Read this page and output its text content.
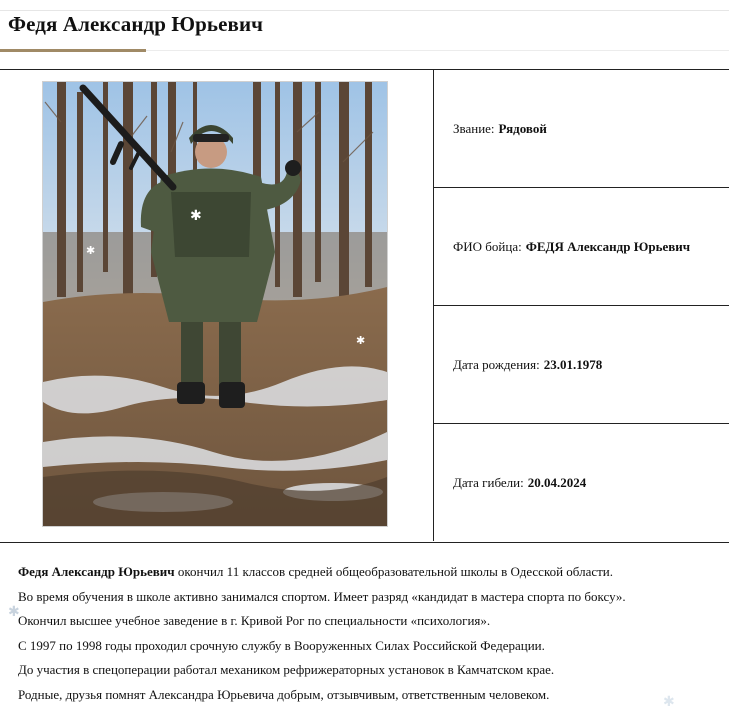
Федя Александр Юрьевич
Звание: Рядовой
ФИО бойца: ФЕДЯ Александр Юрьевич
Дата рождения: 23.01.1978
Дата гибели: 20.04.2024

Федя Александр Юрьевич окончил 11 классов средней общеобразовательной школы в Одесской области.

Во время обучения в школе активно занимался спортом. Имеет разряд «кандидат в мастера спорта по боксу».

Окончил высшее учебное заведение в г. Кривой Рог по специальности «психология».

С 1997 по 1998 годы проходил срочную службу в Вооруженных Силах Российской Федерации.

До участия в спецоперации работал механиком рефрижераторных установок в Камчатском крае.

Родные, друзья помнят Александра Юрьевича добрым, отзывчивым, ответственным человеком.

✱
✱
✱
✱
✱
